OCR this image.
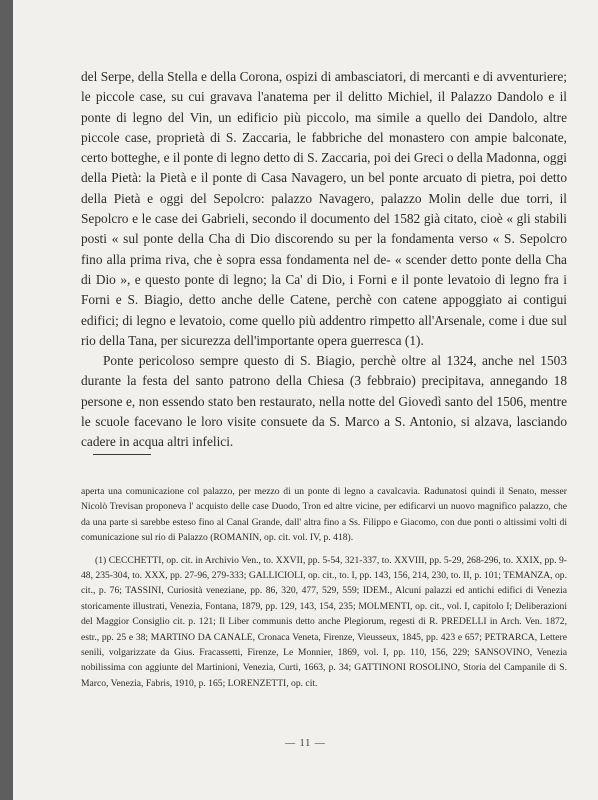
del Serpe, della Stella e della Corona, ospizi di ambasciatori, di mercanti e di avventuriere; le piccole case, su cui gravava l'anatema per il delitto Michiel, il Palazzo Dandolo e il ponte di legno del Vin, un edificio più piccolo, ma simile a quello dei Dandolo, altre piccole case, proprietà di S. Zaccaria, le fabbriche del monastero con ampie balconate, certo botteghe, e il ponte di legno detto di S. Zaccaria, poi dei Greci o della Madonna, oggi della Pietà: la Pietà e il ponte di Casa Navagero, un bel ponte arcuato di pietra, poi detto della Pietà e oggi del Sepolcro: palazzo Navagero, palazzo Molin delle due torri, il Sepolcro e le case dei Gabrieli, secondo il documento del 1582 già citato, cioè « gli stabili posti « sul ponte della Cha di Dio discorendo su per la fondamenta verso « S. Sepolcro fino alla prima riva, che è sopra essa fondamenta nel de- « scender detto ponte della Cha di Dio », e questo ponte di legno; la Ca' di Dio, i Forni e il ponte levatoio di legno fra i Forni e S. Biagio, detto anche delle Catene, perchè con catene appoggiato ai contigui edifici; di legno e levatoio, come quello più addentro rimpetto all'Arsenale, come i due sul rio della Tana, per sicurezza dell'importante opera guerresca (1).

Ponte pericoloso sempre questo di S. Biagio, perchè oltre al 1324, anche nel 1503 durante la festa del santo patrono della Chiesa (3 febbraio) precipitava, annegando 18 persone e, non essendo stato ben restaurato, nella notte del Giovedì santo del 1506, mentre le scuole facevano le loro visite consuete da S. Marco a S. Antonio, si alzava, lasciando cadere in acqua altri infelici.

aperta una comunicazione col palazzo, per mezzo di un ponte di legno a cavalcavia. Radunatosi quindi il Senato, messer Nicolò Trevisan proponeva l' acquisto delle case Duodo, Tron ed altre vicine, per edificarvi un nuovo magnifico palazzo, che da una parte si sarebbe esteso fino al Canal Grande, dall' altra fino a Ss. Filippo e Giacomo, con due ponti o altissimi volti di comunicazione sul rio di Palazzo (ROMANIN, op. cit. vol. IV, p. 418).

(1) CECCHETTI, op. cit. in Archivio Ven., to. XXVII, pp. 5-54, 321-337, to. XXVIII, pp. 5-29, 268-296, to. XXIX, pp. 9-48, 235-304, to. XXX, pp. 27-96, 279-333; GALLICIOLI, op. cit., to. I, pp. 143, 156, 214, 230, to. II, p. 101; TEMANZA, op. cit., p. 76; TASSINI, Curiosità veneziane, pp. 86, 320, 477, 529, 559; IDEM., Alcuni palazzi ed antichi edifici di Venezia storicamente illustrati, Venezia, Fontana, 1879, pp. 129, 143, 154, 235; MOLMENTI, op. cit., vol. I, capitolo I; Deliberazioni del Maggior Consiglio cit. p. 121; Il Liber communis detto anche Plegiorum, regesti di R. PREDELLI in Arch. Ven. 1872, estr., pp. 25 e 38; MARTINO DA CANALE, Cronaca Veneta, Firenze, Vieusseux, 1845, pp. 423 e 657; PETRARCA, Lettere senili, volgarizzate da Gius. Fracassetti, Firenze, Le Monnier, 1869, vol. I, pp. 110, 156, 229; SANSOVINO, Venezia nobilissima con aggiunte del Martinioni, Venezia, Curti, 1663, p. 34; GATTINONI ROSOLINO, Storia del Campanile di S. Marco, Venezia, Fabris, 1910, p. 165; LORENZETTI, op. cit.

— 11 —
